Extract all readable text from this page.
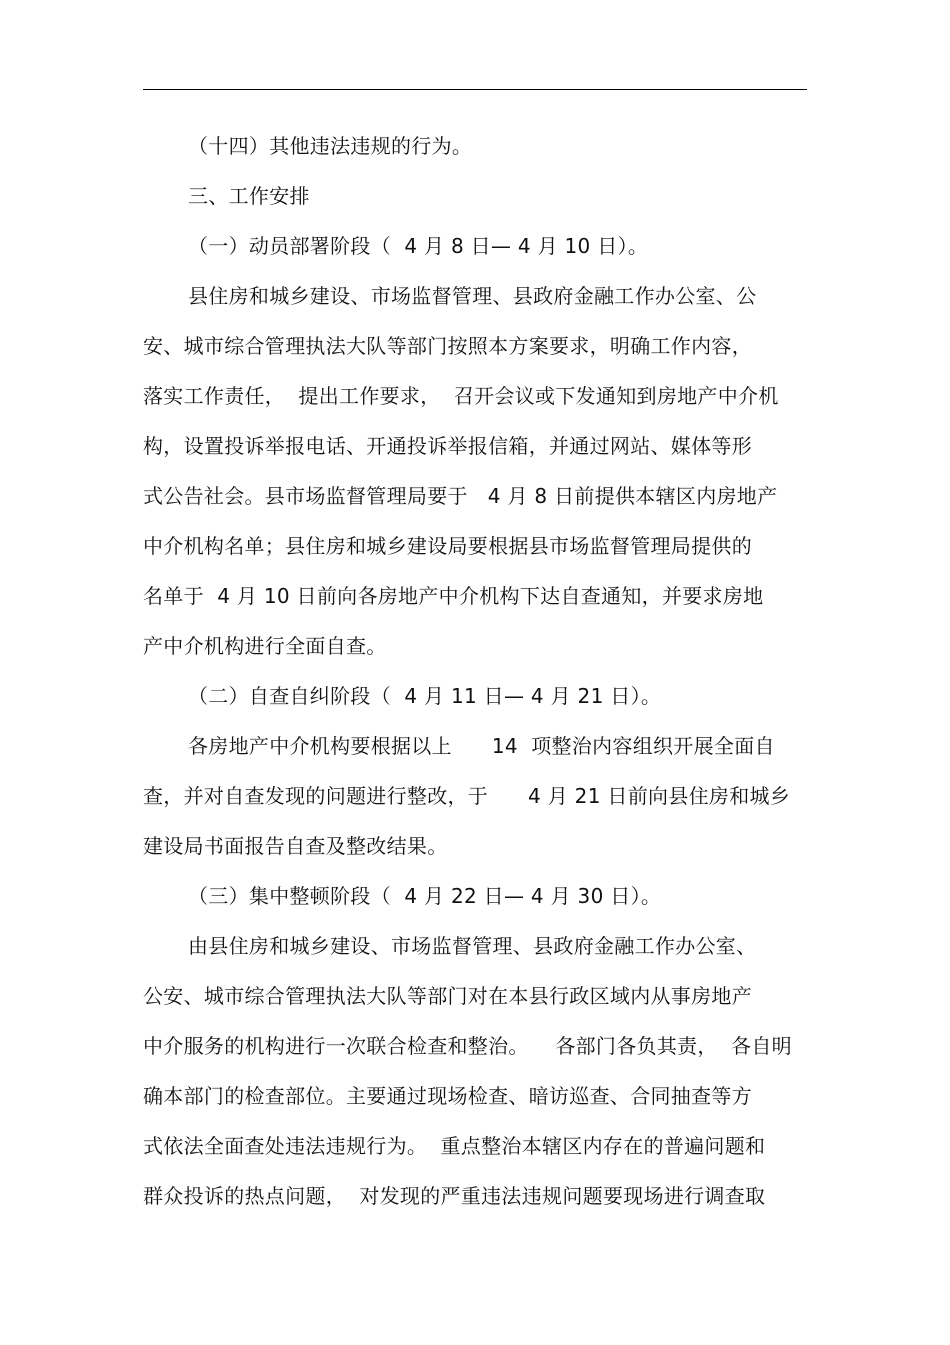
（十四）其他违法违规的行为。
三、工作安排
（一）动员部署阶段（  4 月 8 日— 4 月 10 日）。
县住房和城乡建设、市场监督管理、县政府金融工作办公室、公
安、城市综合管理执法大队等部门按照本方案要求，明确工作内容，
落实工作责任，  提出工作要求，  召开会议或下发通知到房地产中介机
构，设置投诉举报电话、开通投诉举报信箱，并通过网站、媒体等形
式公告社会。县市场监督管理局要于   4 月 8 日前提供本辖区内房地产
中介机构名单；县住房和城乡建设局要根据县市场监督管理局提供的
名单于  4 月 10 日前向各房地产中介机构下达自查通知，并要求房地
产中介机构进行全面自查。
（二）自查自纠阶段（  4 月 11 日— 4 月 21 日）。
各房地产中介机构要根据以上      14  项整治内容组织开展全面自
查，并对自查发现的问题进行整改，于      4 月 21 日前向县住房和城乡
建设局书面报告自查及整改结果。
（三）集中整顿阶段（  4 月 22 日— 4 月 30 日）。
由县住房和城乡建设、市场监督管理、县政府金融工作办公室、
公安、城市综合管理执法大队等部门对在本县行政区域内从事房地产
中介服务的机构进行一次联合检查和整治。    各部门各负其责，  各自明
确本部门的检查部位。主要通过现场检查、暗访巡查、合同抽查等方
式依法全面查处违法违规行为。  重点整治本辖区内存在的普遍问题和
群众投诉的热点问题，  对发现的严重违法违规问题要现场进行调查取
